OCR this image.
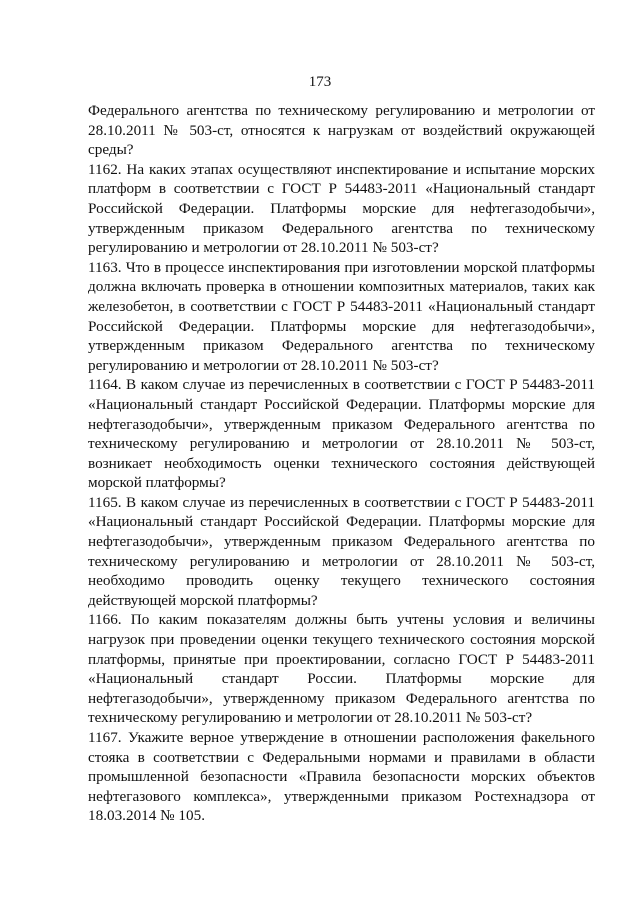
173

Федерального агентства по техническому регулированию и метрологии от 28.10.2011 № 503-ст, относятся к нагрузкам от воздействий окружающей среды?

1162. На каких этапах осуществляют инспектирование и испытание морских платформ в соответствии с ГОСТ Р 54483-2011 «Национальный стандарт Российской Федерации. Платформы морские для нефтегазодобычи», утвержденным приказом Федерального агентства по техническому регулированию и метрологии от 28.10.2011 № 503-ст?

1163. Что в процессе инспектирования при изготовлении морской платформы должна включать проверка в отношении композитных материалов, таких как железобетон, в соответствии с ГОСТ Р 54483-2011 «Национальный стандарт Российской Федерации. Платформы морские для нефтегазодобычи», утвержденным приказом Федерального агентства по техническому регулированию и метрологии от 28.10.2011 № 503-ст?

1164. В каком случае из перечисленных в соответствии с ГОСТ Р 54483-2011 «Национальный стандарт Российской Федерации. Платформы морские для нефтегазодобычи», утвержденным приказом Федерального агентства по техническому регулированию и метрологии от 28.10.2011 № 503-ст, возникает необходимость оценки технического состояния действующей морской платформы?

1165. В каком случае из перечисленных в соответствии с ГОСТ Р 54483-2011 «Национальный стандарт Российской Федерации. Платформы морские для нефтегазодобычи», утвержденным приказом Федерального агентства по техническому регулированию и метрологии от 28.10.2011 № 503-ст, необходимо проводить оценку текущего технического состояния действующей морской платформы?

1166. По каким показателям должны быть учтены условия и величины нагрузок при проведении оценки текущего технического состояния морской платформы, принятые при проектировании, согласно ГОСТ Р 54483-2011 «Национальный стандарт России. Платформы морские для нефтегазодобычи», утвержденному приказом Федерального агентства по техническому регулированию и метрологии от 28.10.2011 № 503-ст?

1167. Укажите верное утверждение в отношении расположения факельного стояка в соответствии с Федеральными нормами и правилами в области промышленной безопасности «Правила безопасности морских объектов нефтегазового комплекса», утвержденными приказом Ростехнадзора от 18.03.2014 № 105.
